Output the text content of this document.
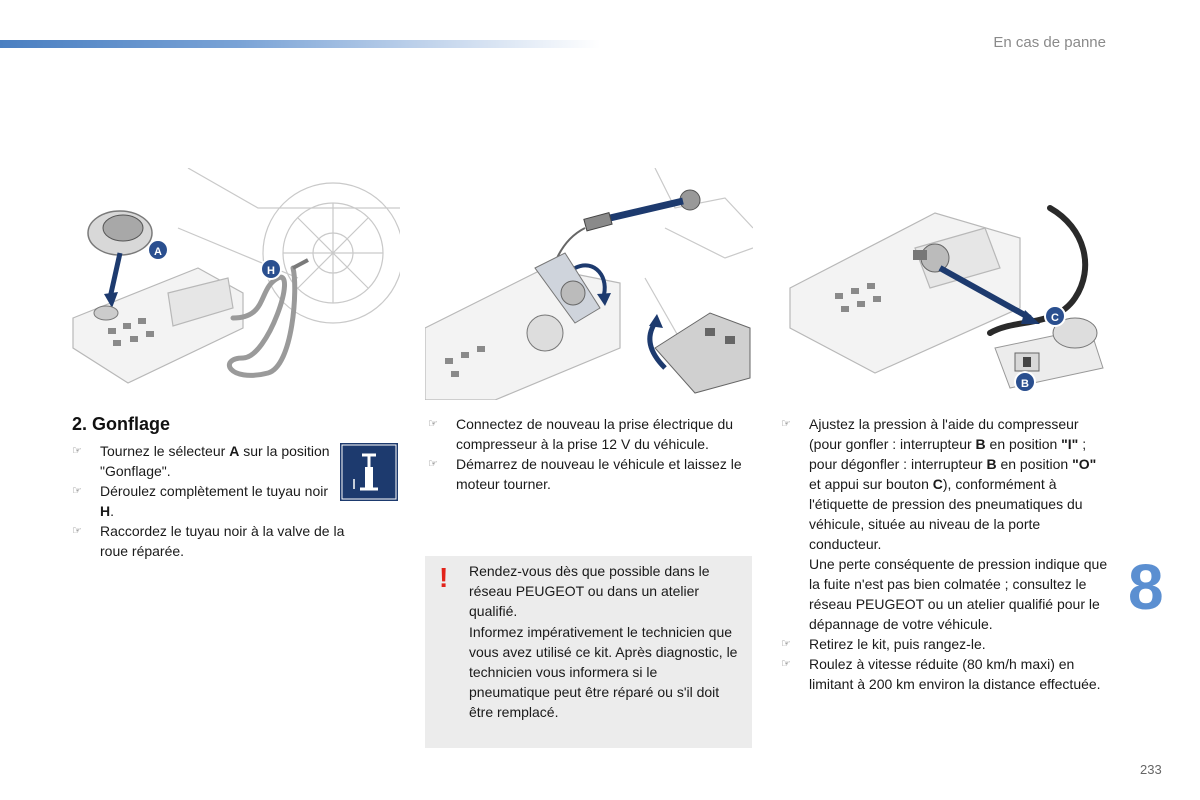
En cas de panne
A
H
C
B
2. Gonflage
☞ Tournez le sélecteur A sur la position "Gonflage".
☞ Déroulez complètement le tuyau noir H.
☞ Raccordez le tuyau noir à la valve de la roue réparée.
☞ Connectez de nouveau la prise électrique du compresseur à la prise 12 V du véhicule.
☞ Démarrez de nouveau le véhicule et laissez le moteur tourner.
! Rendez-vous dès que possible dans le réseau PEUGEOT ou dans un atelier qualifié.
Informez impérativement le technicien que vous avez utilisé ce kit. Après diagnostic, le technicien vous informera si le pneumatique peut être réparé ou s'il doit être remplacé.
☞ Ajustez la pression à l'aide du compresseur (pour gonfler : interrupteur B en position "I" ; pour dégonfler : interrupteur B en position "O" et appui sur bouton C), conformément à l'étiquette de pression des pneumatiques du véhicule, située au niveau de la porte conducteur.
Une perte conséquente de pression indique que la fuite n'est pas bien colmatée ; consultez le réseau PEUGEOT ou un atelier qualifié pour le dépannage de votre véhicule.
☞ Retirez le kit, puis rangez-le.
☞ Roulez à vitesse réduite (80 km/h maxi) en limitant à 200 km environ la distance effectuée.
8
233
